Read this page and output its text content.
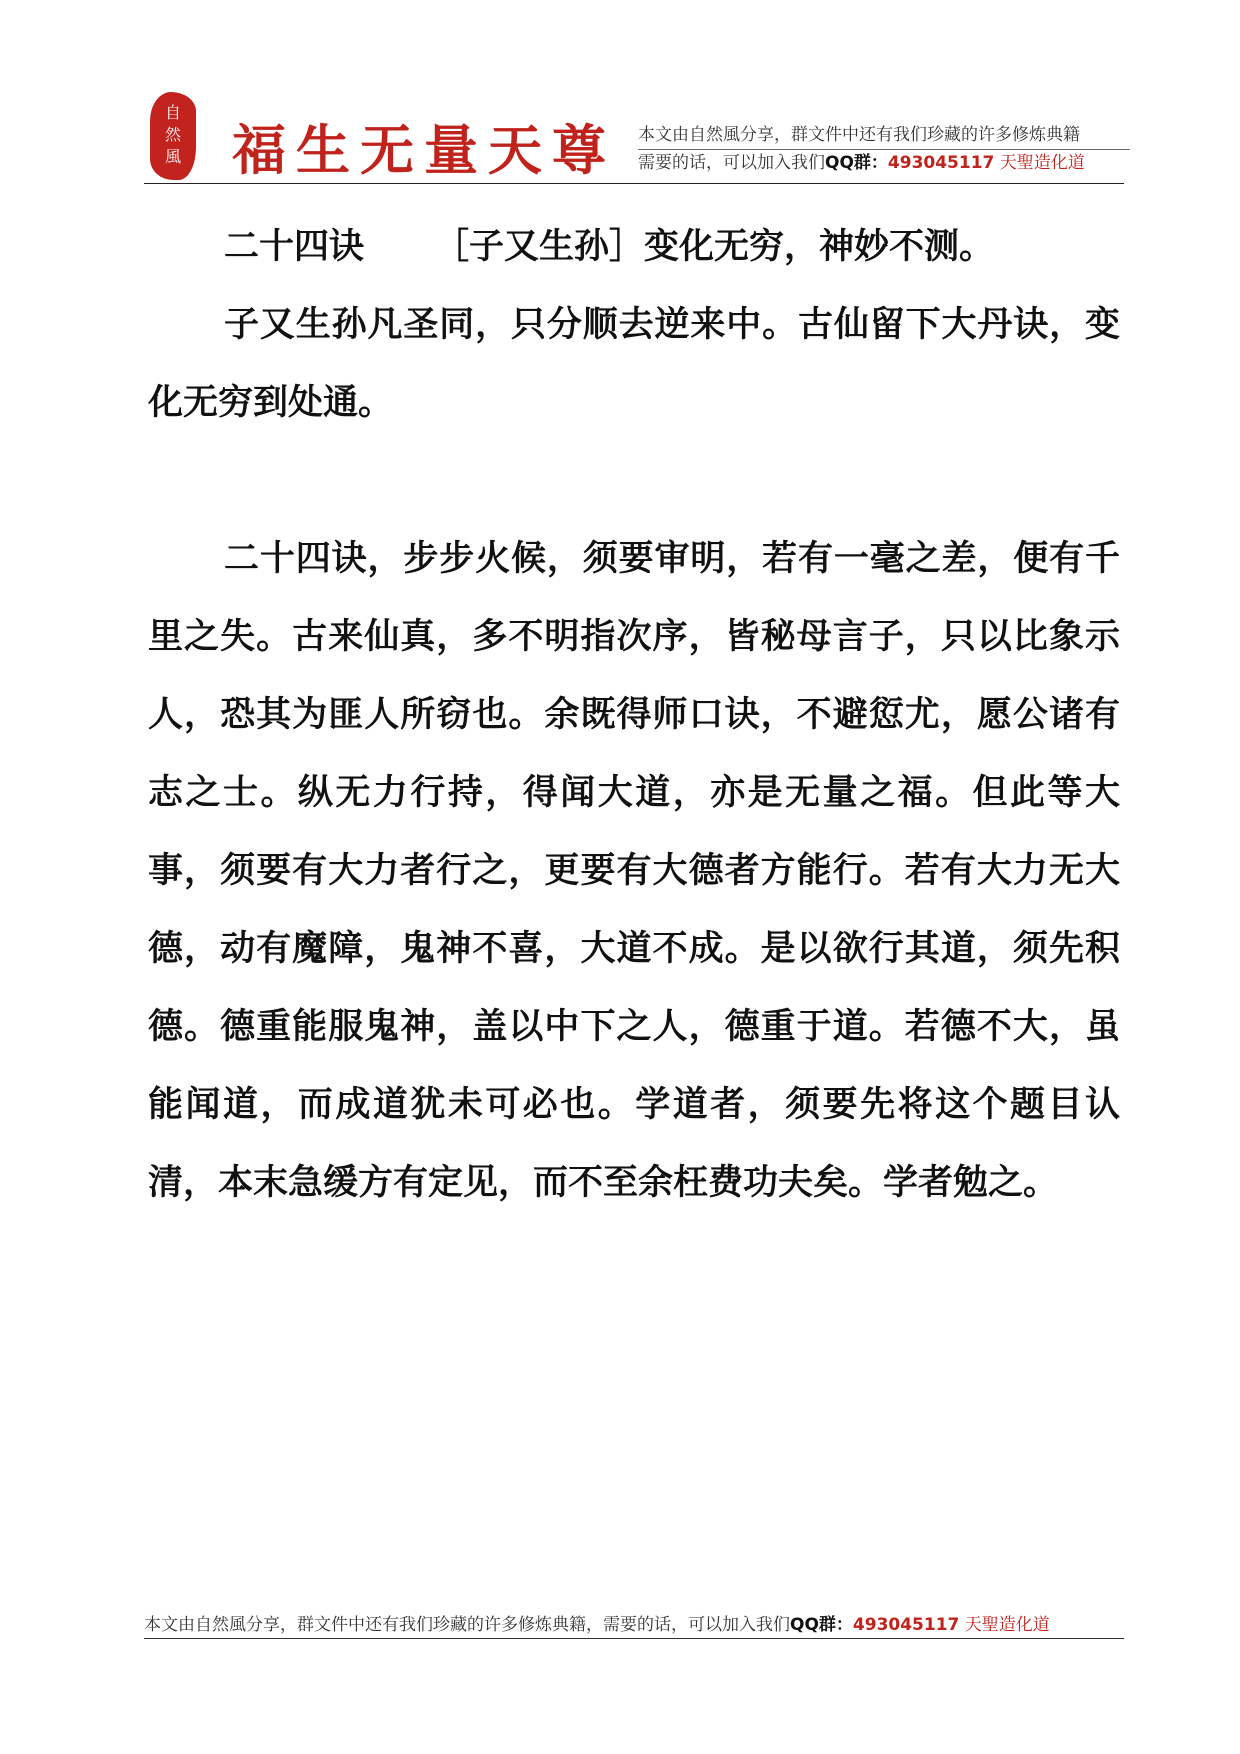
自
然
風 福生无量天尊 本文由自然風分享，群文件中还有我们珍藏的许多修炼典籍
需要的话，可以加入我们QQ群：493045117 天聖造化道
二十四诀 ［子又生孙］变化无穷，神妙不测。

子又生孙凡圣同，只分顺去逆来中。古仙留下大丹诀，变化无穷到处通。

二十四诀，步步火候，须要审明，若有一毫之差，便有千里之失。古来仙真，多不明指次序，皆秘母言子，只以比象示人，恐其为匪人所窃也。余既得师口诀，不避愆尤，愿公诸有志之士。纵无力行持，得闻大道，亦是无量之福。但此等大事，须要有大力者行之，更要有大德者方能行。若有大力无大德，动有魔障，鬼神不喜，大道不成。是以欲行其道，须先积德。德重能服鬼神，盖以中下之人，德重于道。若德不大，虽能闻道，而成道犹未可必也。学道者，须要先将这个题目认清，本末急缓方有定见，而不至余枉费功夫矣。学者勉之。

本文由自然風分享，群文件中还有我们珍藏的许多修炼典籍，需要的话，可以加入我们QQ群：493045117 天聖造化道
